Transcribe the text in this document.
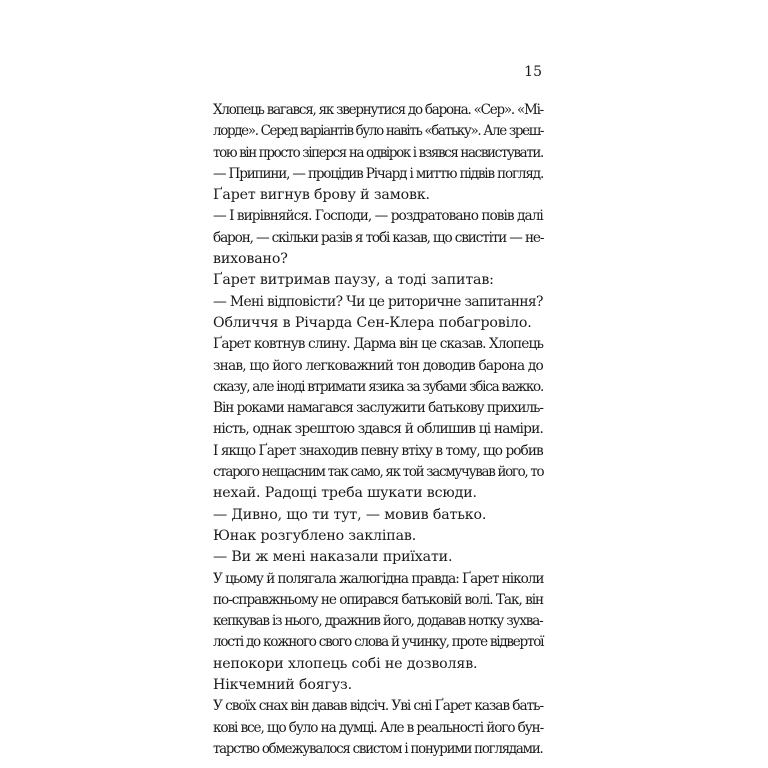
15
Хлопець вагався, як звернутися до барона. «Сер». «Мі-
лорде». Серед варіантів було навіть «батьку». Але зреш-
тою він просто зіперся на одвірок і взявся насвистувати.
— Припини, — процідив Річард і миттю підвів погляд.
Ґарет вигнув брову й замовк.
— І вирівняйся. Господи, — роздратовано повів далі
барон, — скільки разів я тобі казав, що свистіти — не-
виховано?
Ґарет витримав паузу, а тоді запитав:
— Мені відповісти? Чи це риторичне запитання?
Обличчя в Річарда Сен-Клера побагровіло.
Ґарет ковтнув слину. Дарма він це сказав. Хлопець
знав, що його легковажний тон доводив барона до
сказу, але іноді втримати язика за зубами збіса важко.
Він роками намагався заслужити батькову прихиль-
ність, однак зрештою здався й облишив ці наміри.
І якщо Ґарет знаходив певну втіху в тому, що робив
старого нещасним так само, як той засмучував його, то
нехай. Радощі треба шукати всюди.
— Дивно, що ти тут, — мовив батько.
Юнак розгублено закліпав.
— Ви ж мені наказали приїхати.
У цьому й полягала жалюгідна правда: Ґарет ніколи
по-справжньому не опирався батьковій волі. Так, він
кепкував із нього, дражнив його, додавав нотку зухва-
лості до кожного свого слова й учинку, проте відвертої
непокори хлопець собі не дозволяв.
Нікчемний боягуз.
У своїх снах він давав відсіч. Уві сні Ґарет казав бать-
кові все, що було на думці. Але в реальності його бун-
тарство обмежувалося свистом і понурими поглядами.
